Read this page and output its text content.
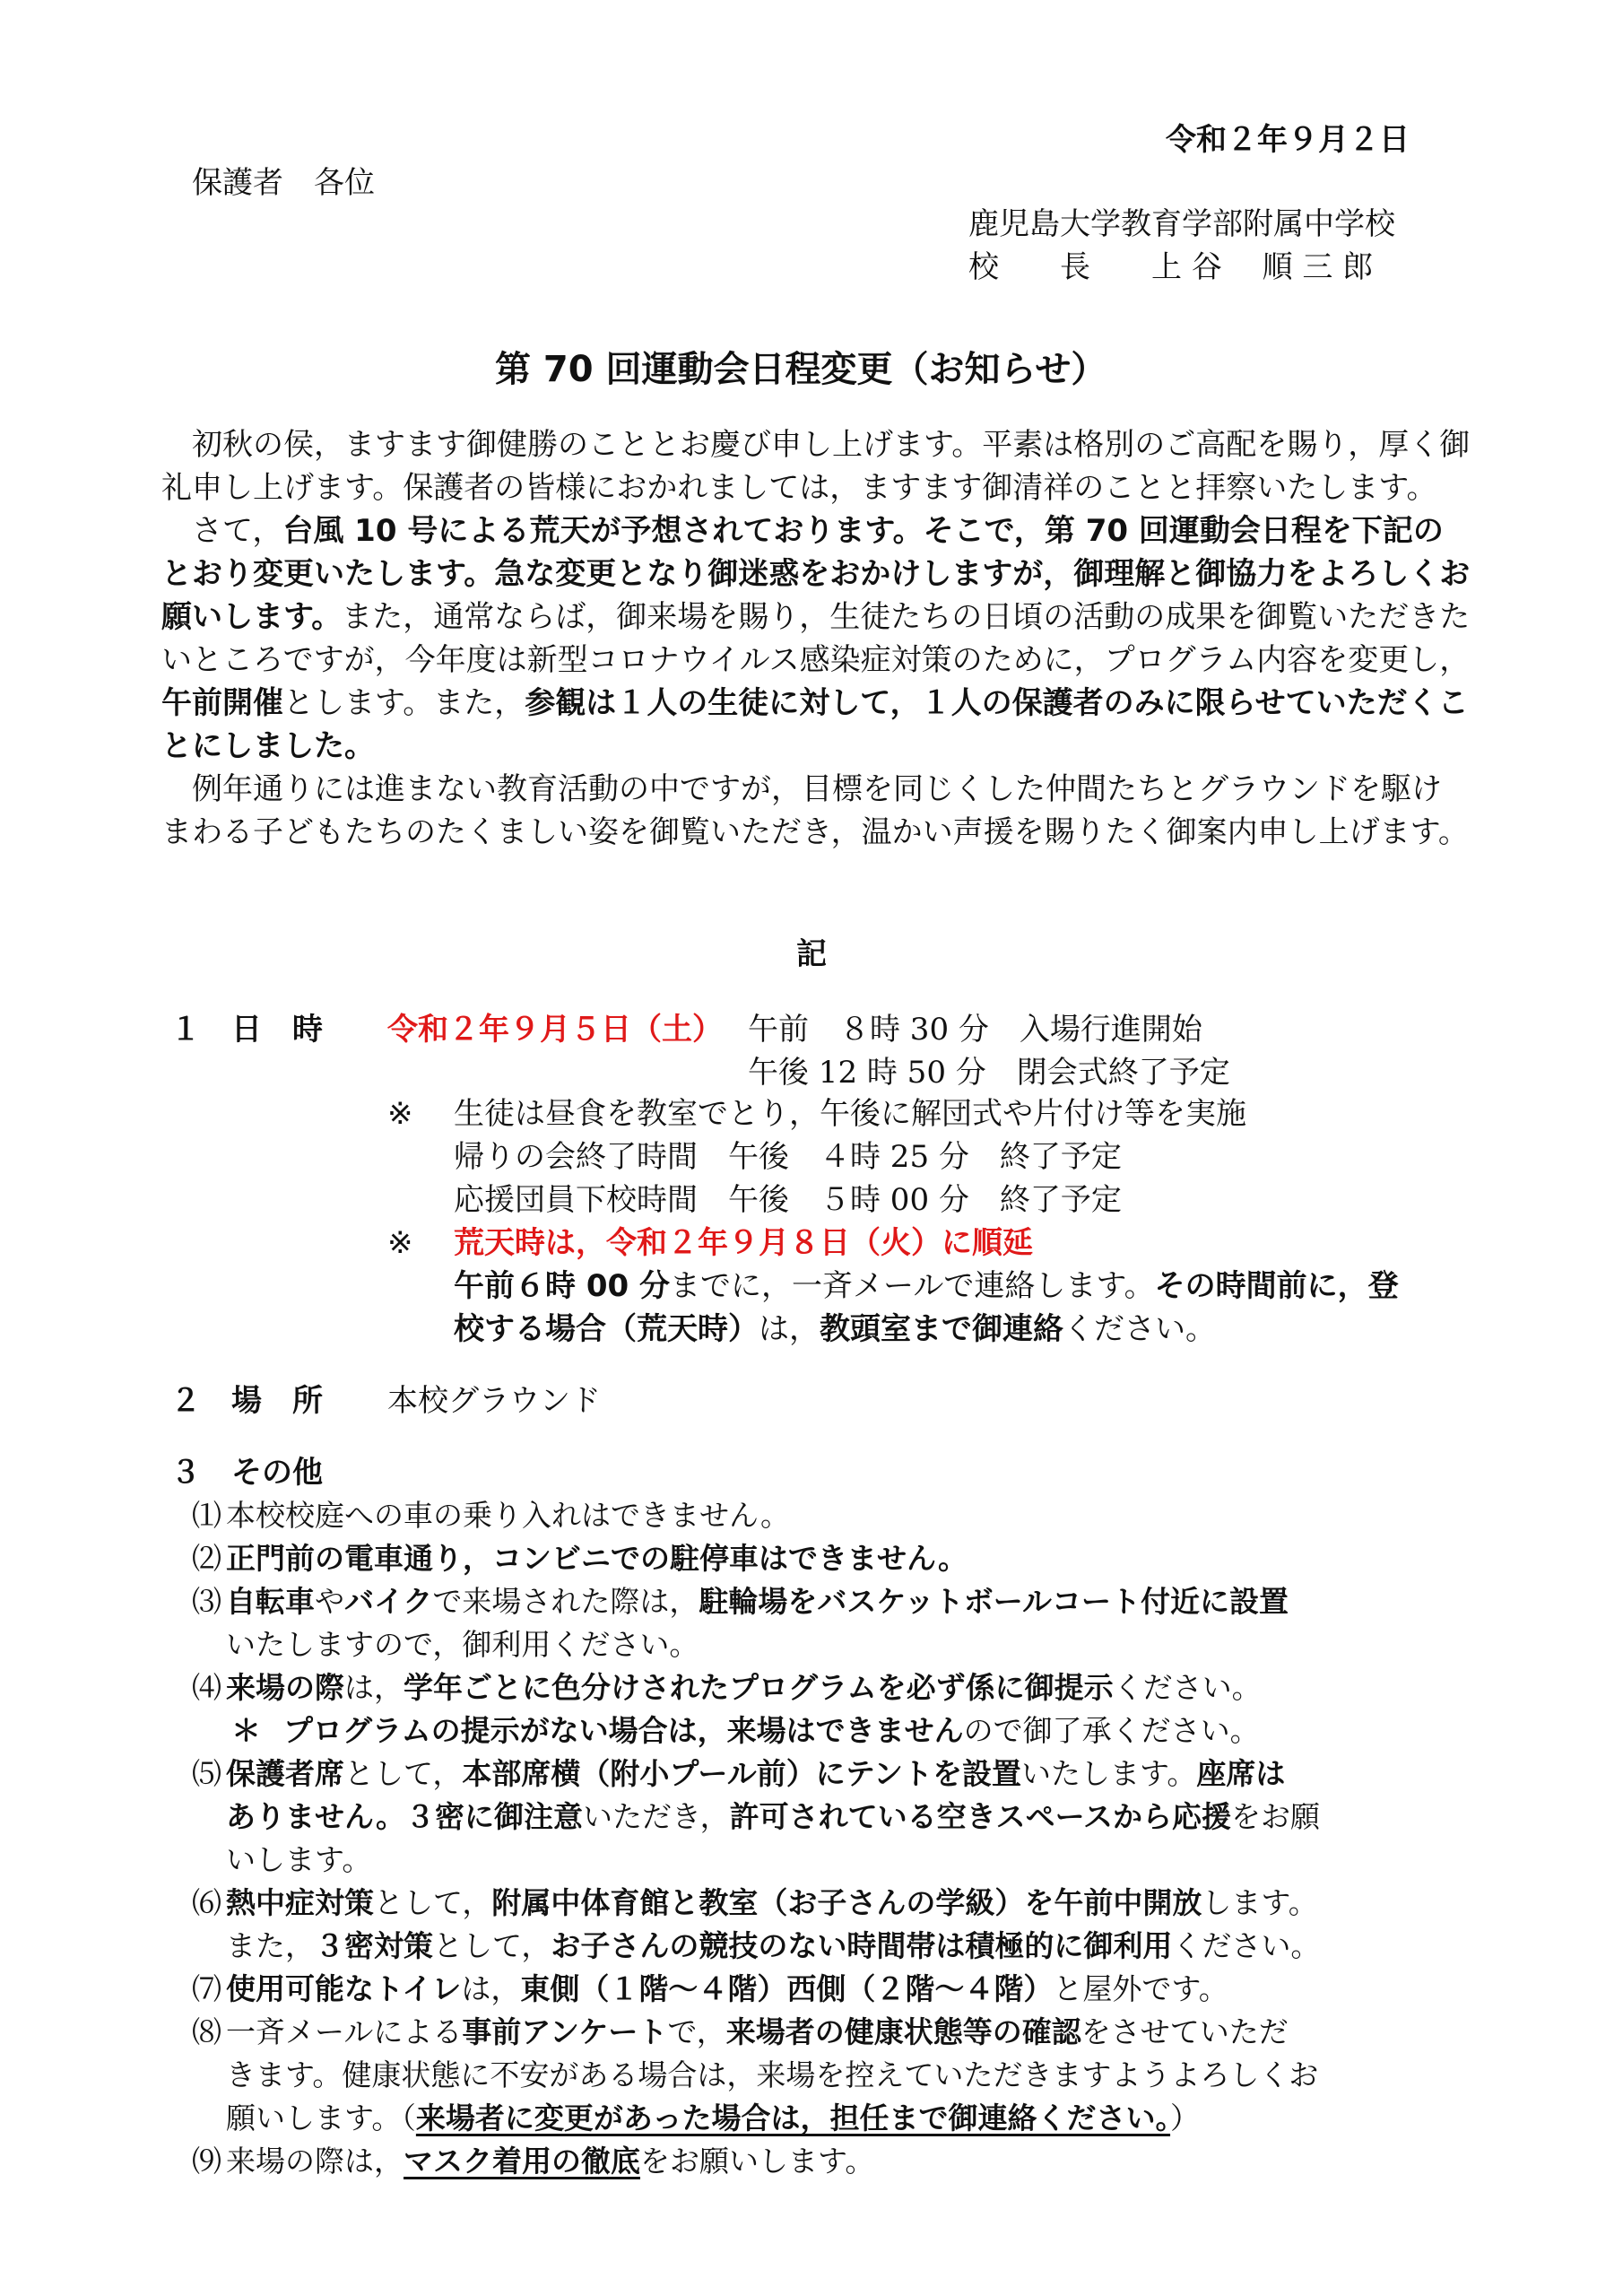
令和２年９月２日
保護者　各位
鹿児島大学教育学部附属中学校
校　　長　　上 谷　 順 三 郎
第 70 回運動会日程変更（お知らせ）

初秋の侯，ますます御健勝のこととお慶び申し上げます。平素は格別のご高配を賜り，厚く御礼申し上げます。保護者の皆様におかれましては，ますます御清祥のことと拝察いたします。

さて，台風 10 号による荒天が予想されております。そこで，第 70 回運動会日程を下記のとおり変更いたします。急な変更となり御迷惑をおかけしますが，御理解と御協力をよろしくお願いします。また，通常ならば，御来場を賜り，生徒たちの日頃の活動の成果を御覧いただきたいところですが，今年度は新型コロナウイルス感染症対策のために，プログラム内容を変更し，午前開催とします。また，参観は１人の生徒に対して，１人の保護者のみに限らせていただくことにしました。

例年通りには進まない教育活動の中ですが，目標を同じくした仲間たちとグラウンドを駆けまわる子どもたちのたくましい姿を御覧いただき，温かい声援を賜りたく御案内申し上げます。

記
１　日　時 令和２年９月５日（土） 午前　８時 30 分　入場行進開始
午後 12 時 50 分　閉会式終了予定
※ 生徒は昼食を教室でとり，午後に解団式や片付け等を実施
帰りの会終了時間　午後　４時 25 分　終了予定
応援団員下校時間　午後　５時 00 分　終了予定
※ 荒天時は，令和２年９月８日（火）に順延
午前６時 00 分までに，一斉メールで連絡します。その時間前に，登
校する場合（荒天時）は，教頭室まで御連絡ください。
２　場　所 本校グラウンド
３　その他
⑴ 本校校庭への車の乗り入れはできません。
⑵ 正門前の電車通り，コンビニでの駐停車はできません。
⑶ 自転車やバイクで来場された際は，駐輪場をバスケットボールコート付近に設置
いたしますので，御利用ください。
⑷ 来場の際は，学年ごとに色分けされたプログラムを必ず係に御提示ください。
＊ プログラムの提示がない場合は，来場はできませんので御了承ください。
⑸ 保護者席として，本部席横（附小プール前）にテントを設置いたします。座席は
ありません。３密に御注意いただき，許可されている空きスペースから応援をお願
いします。
⑹ 熱中症対策として，附属中体育館と教室（お子さんの学級）を午前中開放します。
また，３密対策として，お子さんの競技のない時間帯は積極的に御利用ください。
⑺ 使用可能なトイレは，東側（１階～４階）西側（２階～４階）と屋外です。
⑻ 一斉メールによる事前アンケートで，来場者の健康状態等の確認をさせていただ
きます。健康状態に不安がある場合は，来場を控えていただきますようよろしくお
願いします。（来場者に変更があった場合は，担任まで御連絡ください。）
⑼ 来場の際は，マスク着用の徹底をお願いします。
